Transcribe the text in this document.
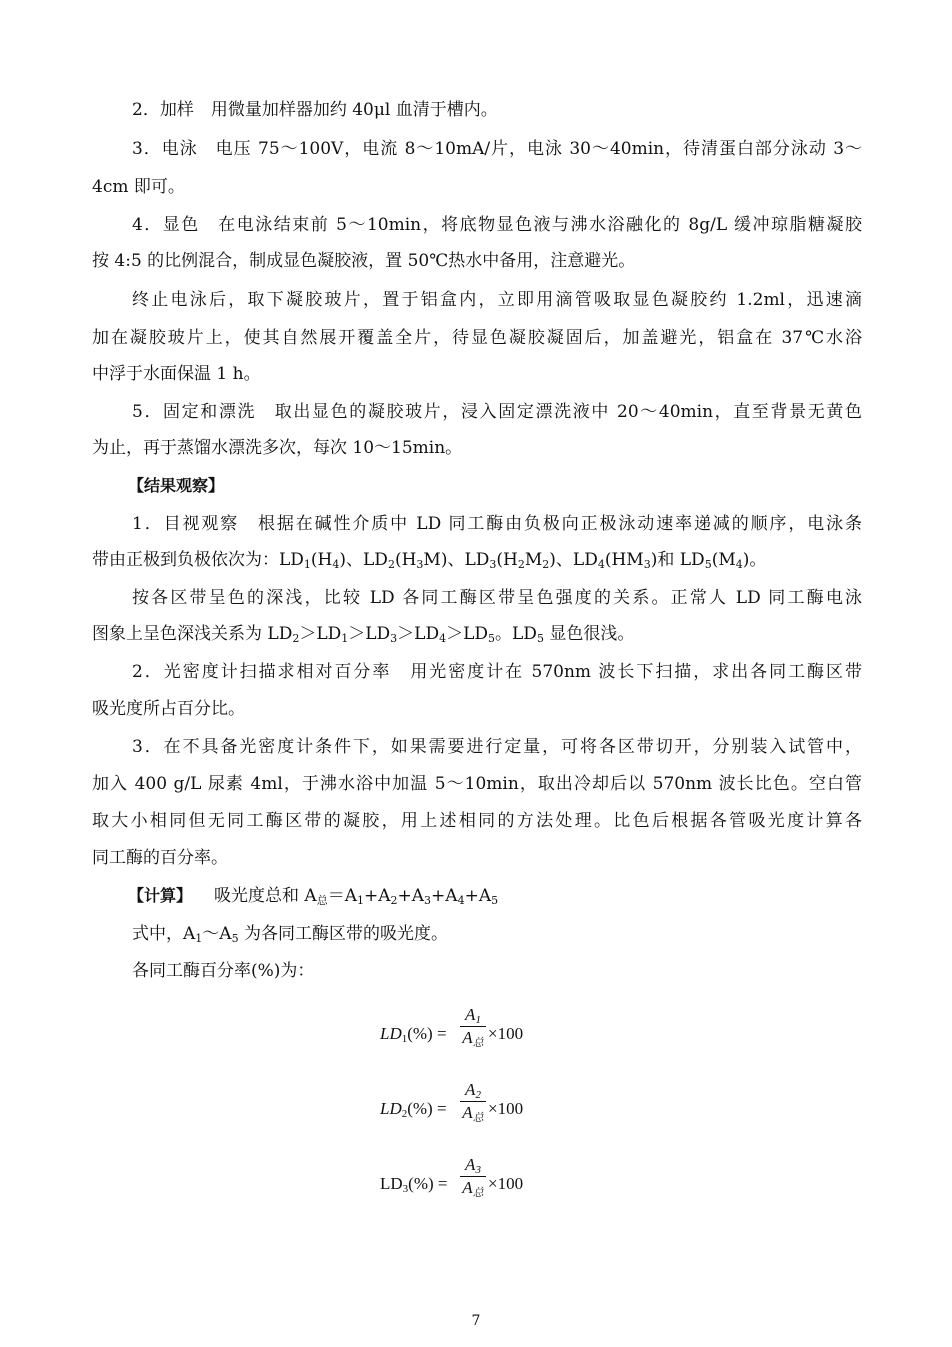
2．加样　用微量加样器加约 40μl 血清于槽内。
3．电泳　电压 75～100V，电流 8～10mA/片，电泳 30～40min，待清蛋白部分泳动 3～
4cm 即可。
4．显色　在电泳结束前 5～10min，将底物显色液与沸水浴融化的 8g/L 缓冲琼脂糖凝胶
按 4:5 的比例混合，制成显色凝胶液，置 50℃热水中备用，注意避光。
终止电泳后，取下凝胶玻片，置于铝盒内，立即用滴管吸取显色凝胶约 1.2ml，迅速滴
加在凝胶玻片上，使其自然展开覆盖全片，待显色凝胶凝固后，加盖避光，铝盒在 37℃水浴
中浮于水面保温 1 h。
5．固定和漂洗　取出显色的凝胶玻片，浸入固定漂洗液中 20～40min，直至背景无黄色
为止，再于蒸馏水漂洗多次，每次 10～15min。
【结果观察】
1．目视观察　根据在碱性介质中 LD 同工酶由负极向正极泳动速率递减的顺序，电泳条
带由正极到负极依次为：$LD_1(H_4)$、$LD_2(H_3M)$、$LD_3(H_2M_2)$、$LD_4(HM_3)$和 $LD_5(M_4)$。
按各区带呈色的深浅，比较 LD 各同工酶区带呈色强度的关系。正常人 LD 同工酶电泳
图象上呈色深浅关系为 $LD_2>LD_1>LD_3>LD_4>LD_5$。$LD_5$ 显色很浅。
2．光密度计扫描求相对百分率　用光密度计在 570nm 波长下扫描，求出各同工酶区带
吸光度所占百分比。
3．在不具备光密度计条件下，如果需要进行定量，可将各区带切开，分别装入试管中，
加入 400 g/L 尿素 4ml，于沸水浴中加温 5～10min，取出冷却后以 570nm 波长比色。空白管
取大小相同但无同工酶区带的凝胶，用上述相同的方法处理。比色后根据各管吸光度计算各
同工酶的百分率。
【计算】 吸光度总和 $A_总=A_1+A_2+A_3+A_4+A_5$
式中，$A_1\sim A_5$ 为各同工酶区带的吸光度。
各同工酶百分率(%)为：
$LD_1(\%)$ =
$A_1$
$A_总 \times 100$
$LD_2(\%)$ =
$A_2$
$A_总 \times 100$
$LD_3(\%)$ =
$A_3$
$A_总 \times 100$
7
